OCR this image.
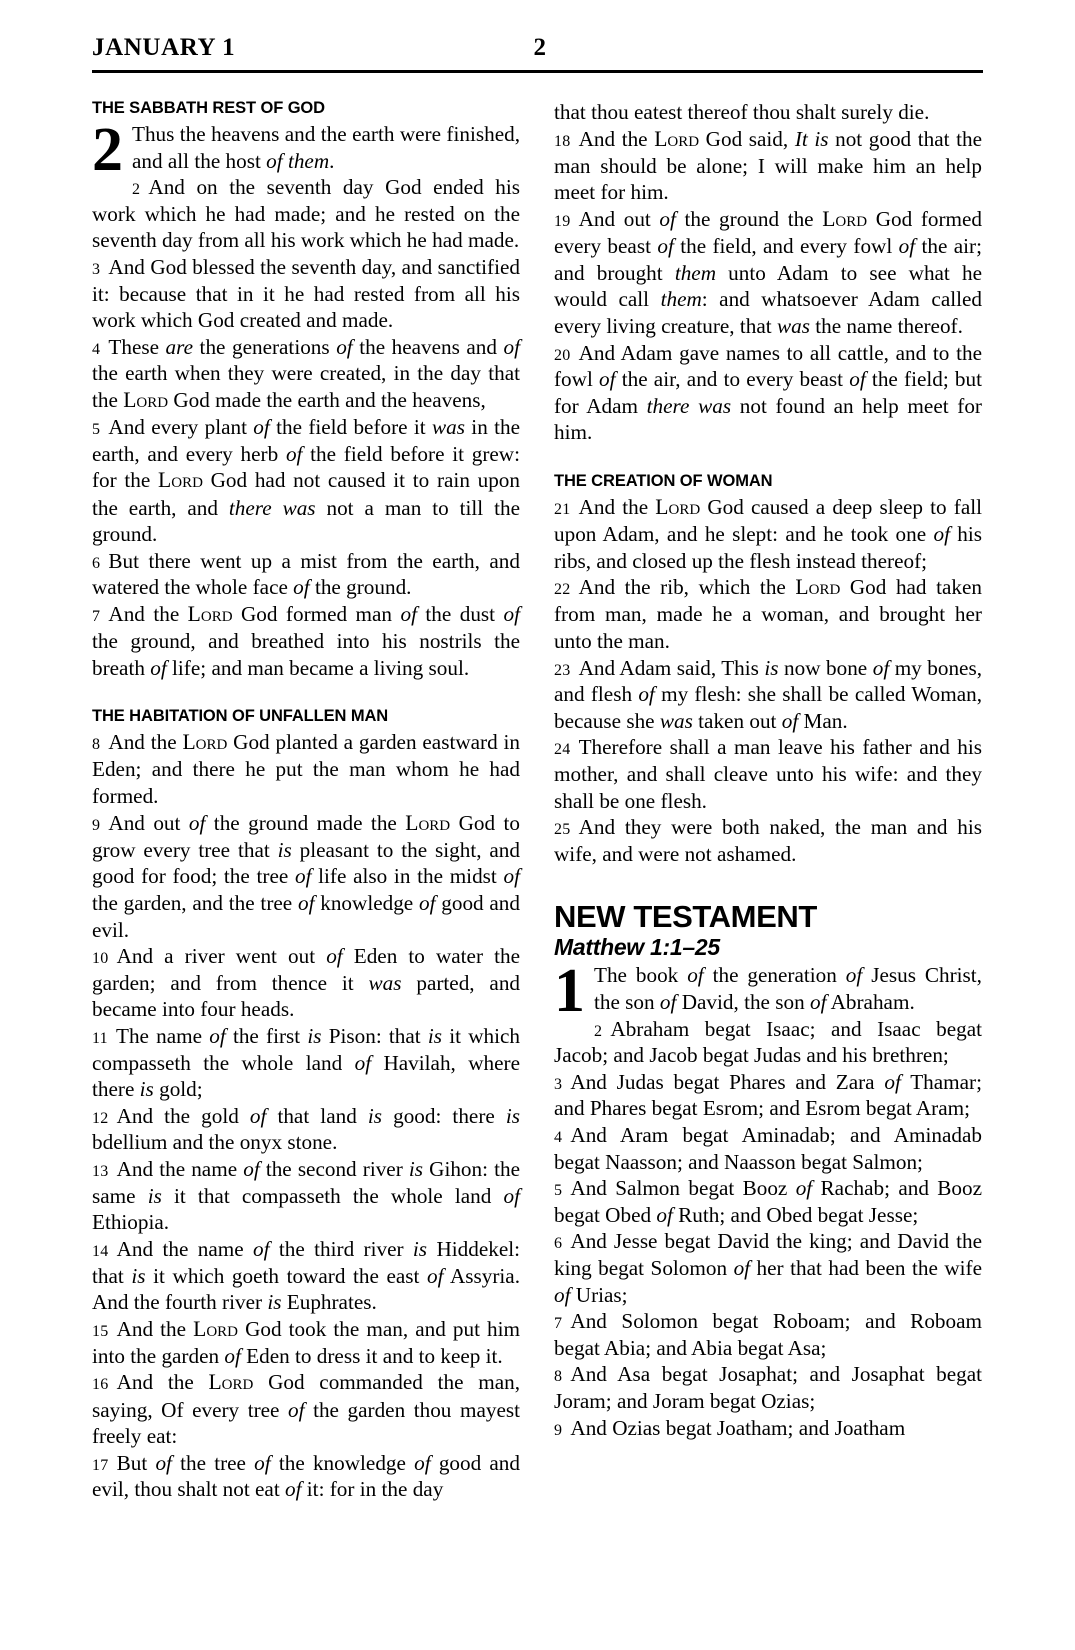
JANUARY 1	2
THE SABBATH REST OF GOD
2 Thus the heavens and the earth were finished, and all the host of them.

2 And on the seventh day God ended his work which he had made; and he rested on the seventh day from all his work which he had made.

3 And God blessed the seventh day, and sanctified it: because that in it he had rested from all his work which God created and made.

4 These are the generations of the heavens and of the earth when they were created, in the day that the Lord God made the earth and the heavens,

5 And every plant of the field before it was in the earth, and every herb of the field before it grew: for the Lord God had not caused it to rain upon the earth, and there was not a man to till the ground.

6 But there went up a mist from the earth, and watered the whole face of the ground.

7 And the Lord God formed man of the dust of the ground, and breathed into his nostrils the breath of life; and man became a living soul.

THE HABITATION OF UNFALLEN MAN

8 And the Lord God planted a garden eastward in Eden; and there he put the man whom he had formed.

9 And out of the ground made the Lord God to grow every tree that is pleasant to the sight, and good for food; the tree of life also in the midst of the garden, and the tree of knowledge of good and evil.

10 And a river went out of Eden to water the garden; and from thence it was parted, and became into four heads.

11 The name of the first is Pison: that is it which compasseth the whole land of Havilah, where there is gold;

12 And the gold of that land is good: there is bdellium and the onyx stone.

13 And the name of the second river is Gihon: the same is it that compasseth the whole land of Ethiopia.

14 And the name of the third river is Hiddekel: that is it which goeth toward the east of Assyria. And the fourth river is Euphrates.

15 And the Lord God took the man, and put him into the garden of Eden to dress it and to keep it.

16 And the Lord God commanded the man, saying, Of every tree of the garden thou mayest freely eat:

17 But of the tree of the knowledge of good and evil, thou shalt not eat of it: for in the day

that thou eatest thereof thou shalt surely die.

18 And the Lord God said, It is not good that the man should be alone; I will make him an help meet for him.

19 And out of the ground the Lord God formed every beast of the field, and every fowl of the air; and brought them unto Adam to see what he would call them: and whatsoever Adam called every living creature, that was the name thereof.

20 And Adam gave names to all cattle, and to the fowl of the air, and to every beast of the field; but for Adam there was not found an help meet for him.

THE CREATION OF WOMAN

21 And the Lord God caused a deep sleep to fall upon Adam, and he slept: and he took one of his ribs, and closed up the flesh instead thereof;

22 And the rib, which the Lord God had taken from man, made he a woman, and brought her unto the man.

23 And Adam said, This is now bone of my bones, and flesh of my flesh: she shall be called Woman, because she was taken out of Man.

24 Therefore shall a man leave his father and his mother, and shall cleave unto his wife: and they shall be one flesh.

25 And they were both naked, the man and his wife, and were not ashamed.

NEW TESTAMENT
Matthew 1:1–25
1 The book of the generation of Jesus Christ, the son of David, the son of Abraham.

2 Abraham begat Isaac; and Isaac begat Jacob; and Jacob begat Judas and his brethren;

3 And Judas begat Phares and Zara of Thamar; and Phares begat Esrom; and Esrom begat Aram;

4 And Aram begat Aminadab; and Aminadab begat Naasson; and Naasson begat Salmon;

5 And Salmon begat Booz of Rachab; and Booz begat Obed of Ruth; and Obed begat Jesse;

6 And Jesse begat David the king; and David the king begat Solomon of her that had been the wife of Urias;

7 And Solomon begat Roboam; and Roboam begat Abia; and Abia begat Asa;

8 And Asa begat Josaphat; and Josaphat begat Joram; and Joram begat Ozias;

9 And Ozias begat Joatham; and Joatham
